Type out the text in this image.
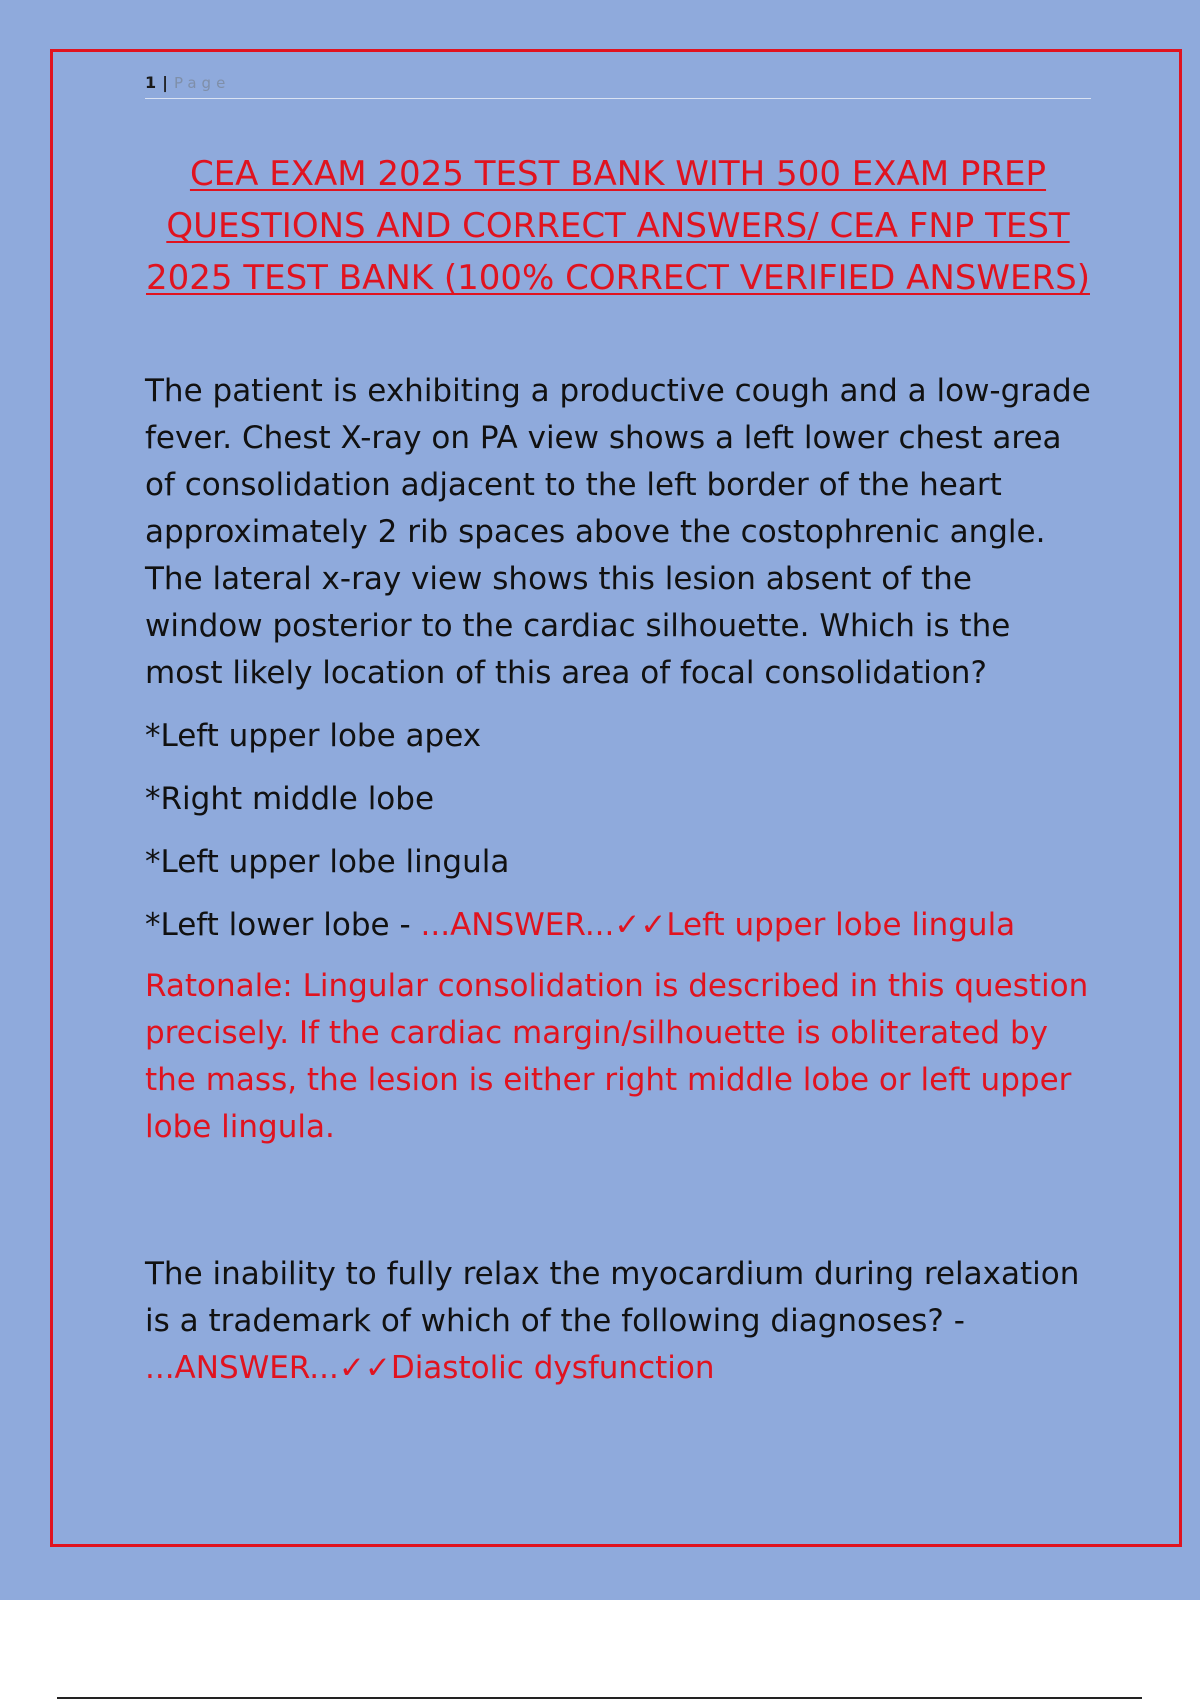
1 | Page
CEA EXAM 2025 TEST BANK WITH 500 EXAM PREP QUESTIONS AND CORRECT ANSWERS/ CEA FNP TEST 2025 TEST BANK (100% CORRECT VERIFIED ANSWERS)

The patient is exhibiting a productive cough and a low-grade fever. Chest X-ray on PA view shows a left lower chest area of consolidation adjacent to the left border of the heart approximately 2 rib spaces above the costophrenic angle. The lateral x-ray view shows this lesion absent of the window posterior to the cardiac silhouette. Which is the most likely location of this area of focal consolidation?

*Left upper lobe apex

*Right middle lobe

*Left upper lobe lingula

*Left lower lobe - ...ANSWER...✓✓Left upper lobe lingula

Ratonale: Lingular consolidation is described in this question precisely. If the cardiac margin/silhouette is obliterated by the mass, the lesion is either right middle lobe or left upper lobe lingula.

The inability to fully relax the myocardium during relaxation is a trademark of which of the following diagnoses? - ...ANSWER...✓✓Diastolic dysfunction
